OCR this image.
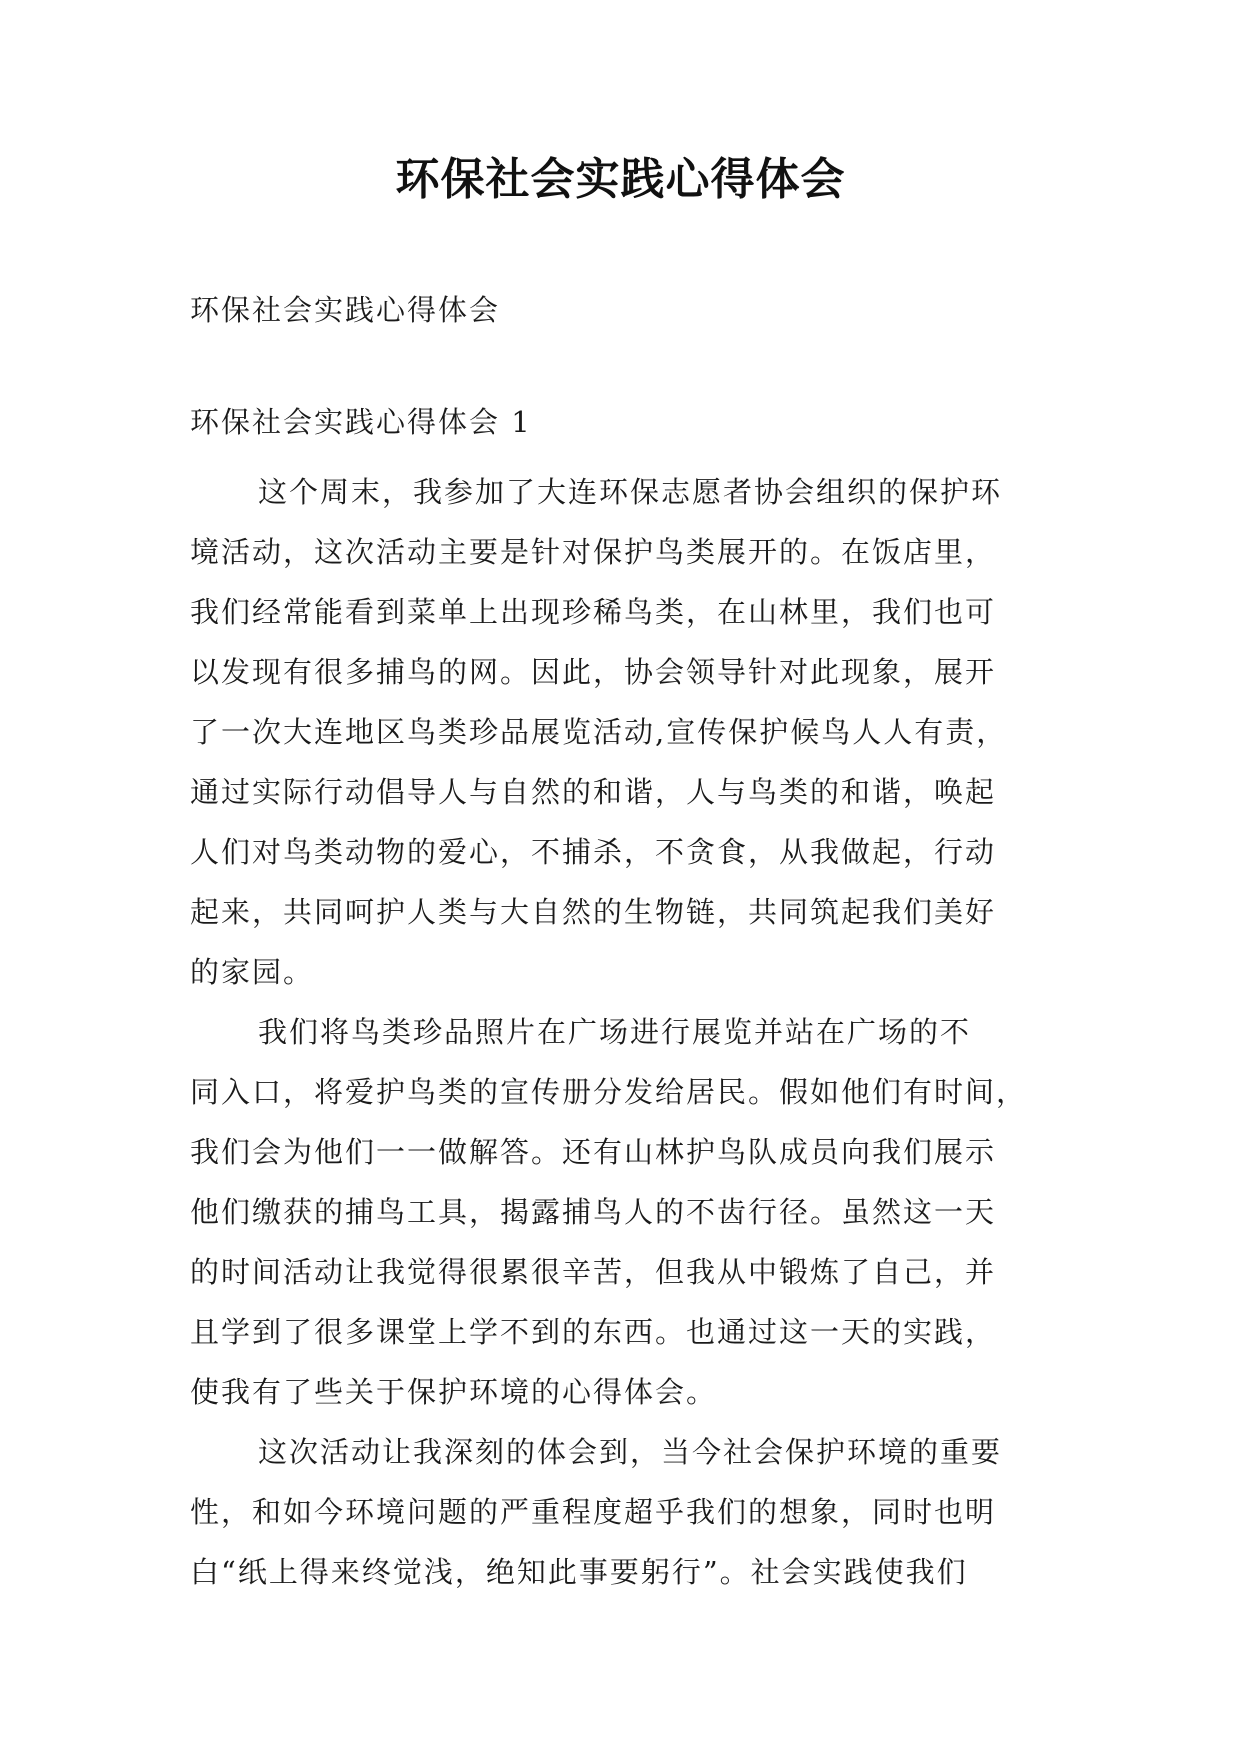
环保社会实践心得体会
环保社会实践心得体会
环保社会实践心得体会 1
这个周末，我参加了大连环保志愿者协会组织的保护环
境活动，这次活动主要是针对保护鸟类展开的。在饭店里，
我们经常能看到菜单上出现珍稀鸟类，在山林里，我们也可
以发现有很多捕鸟的网。因此，协会领导针对此现象，展开
了一次大连地区鸟类珍品展览活动,宣传保护候鸟人人有责，
通过实际行动倡导人与自然的和谐，人与鸟类的和谐，唤起
人们对鸟类动物的爱心，不捕杀，不贪食，从我做起，行动
起来，共同呵护人类与大自然的生物链，共同筑起我们美好
的家园。
我们将鸟类珍品照片在广场进行展览并站在广场的不
同入口，将爱护鸟类的宣传册分发给居民。假如他们有时间，
我们会为他们一一做解答。还有山林护鸟队成员向我们展示
他们缴获的捕鸟工具，揭露捕鸟人的不齿行径。虽然这一天
的时间活动让我觉得很累很辛苦，但我从中锻炼了自己，并
且学到了很多课堂上学不到的东西。也通过这一天的实践，
使我有了些关于保护环境的心得体会。
这次活动让我深刻的体会到，当今社会保护环境的重要
性，和如今环境问题的严重程度超乎我们的想象，同时也明
白“纸上得来终觉浅，绝知此事要躬行”。社会实践使我们
